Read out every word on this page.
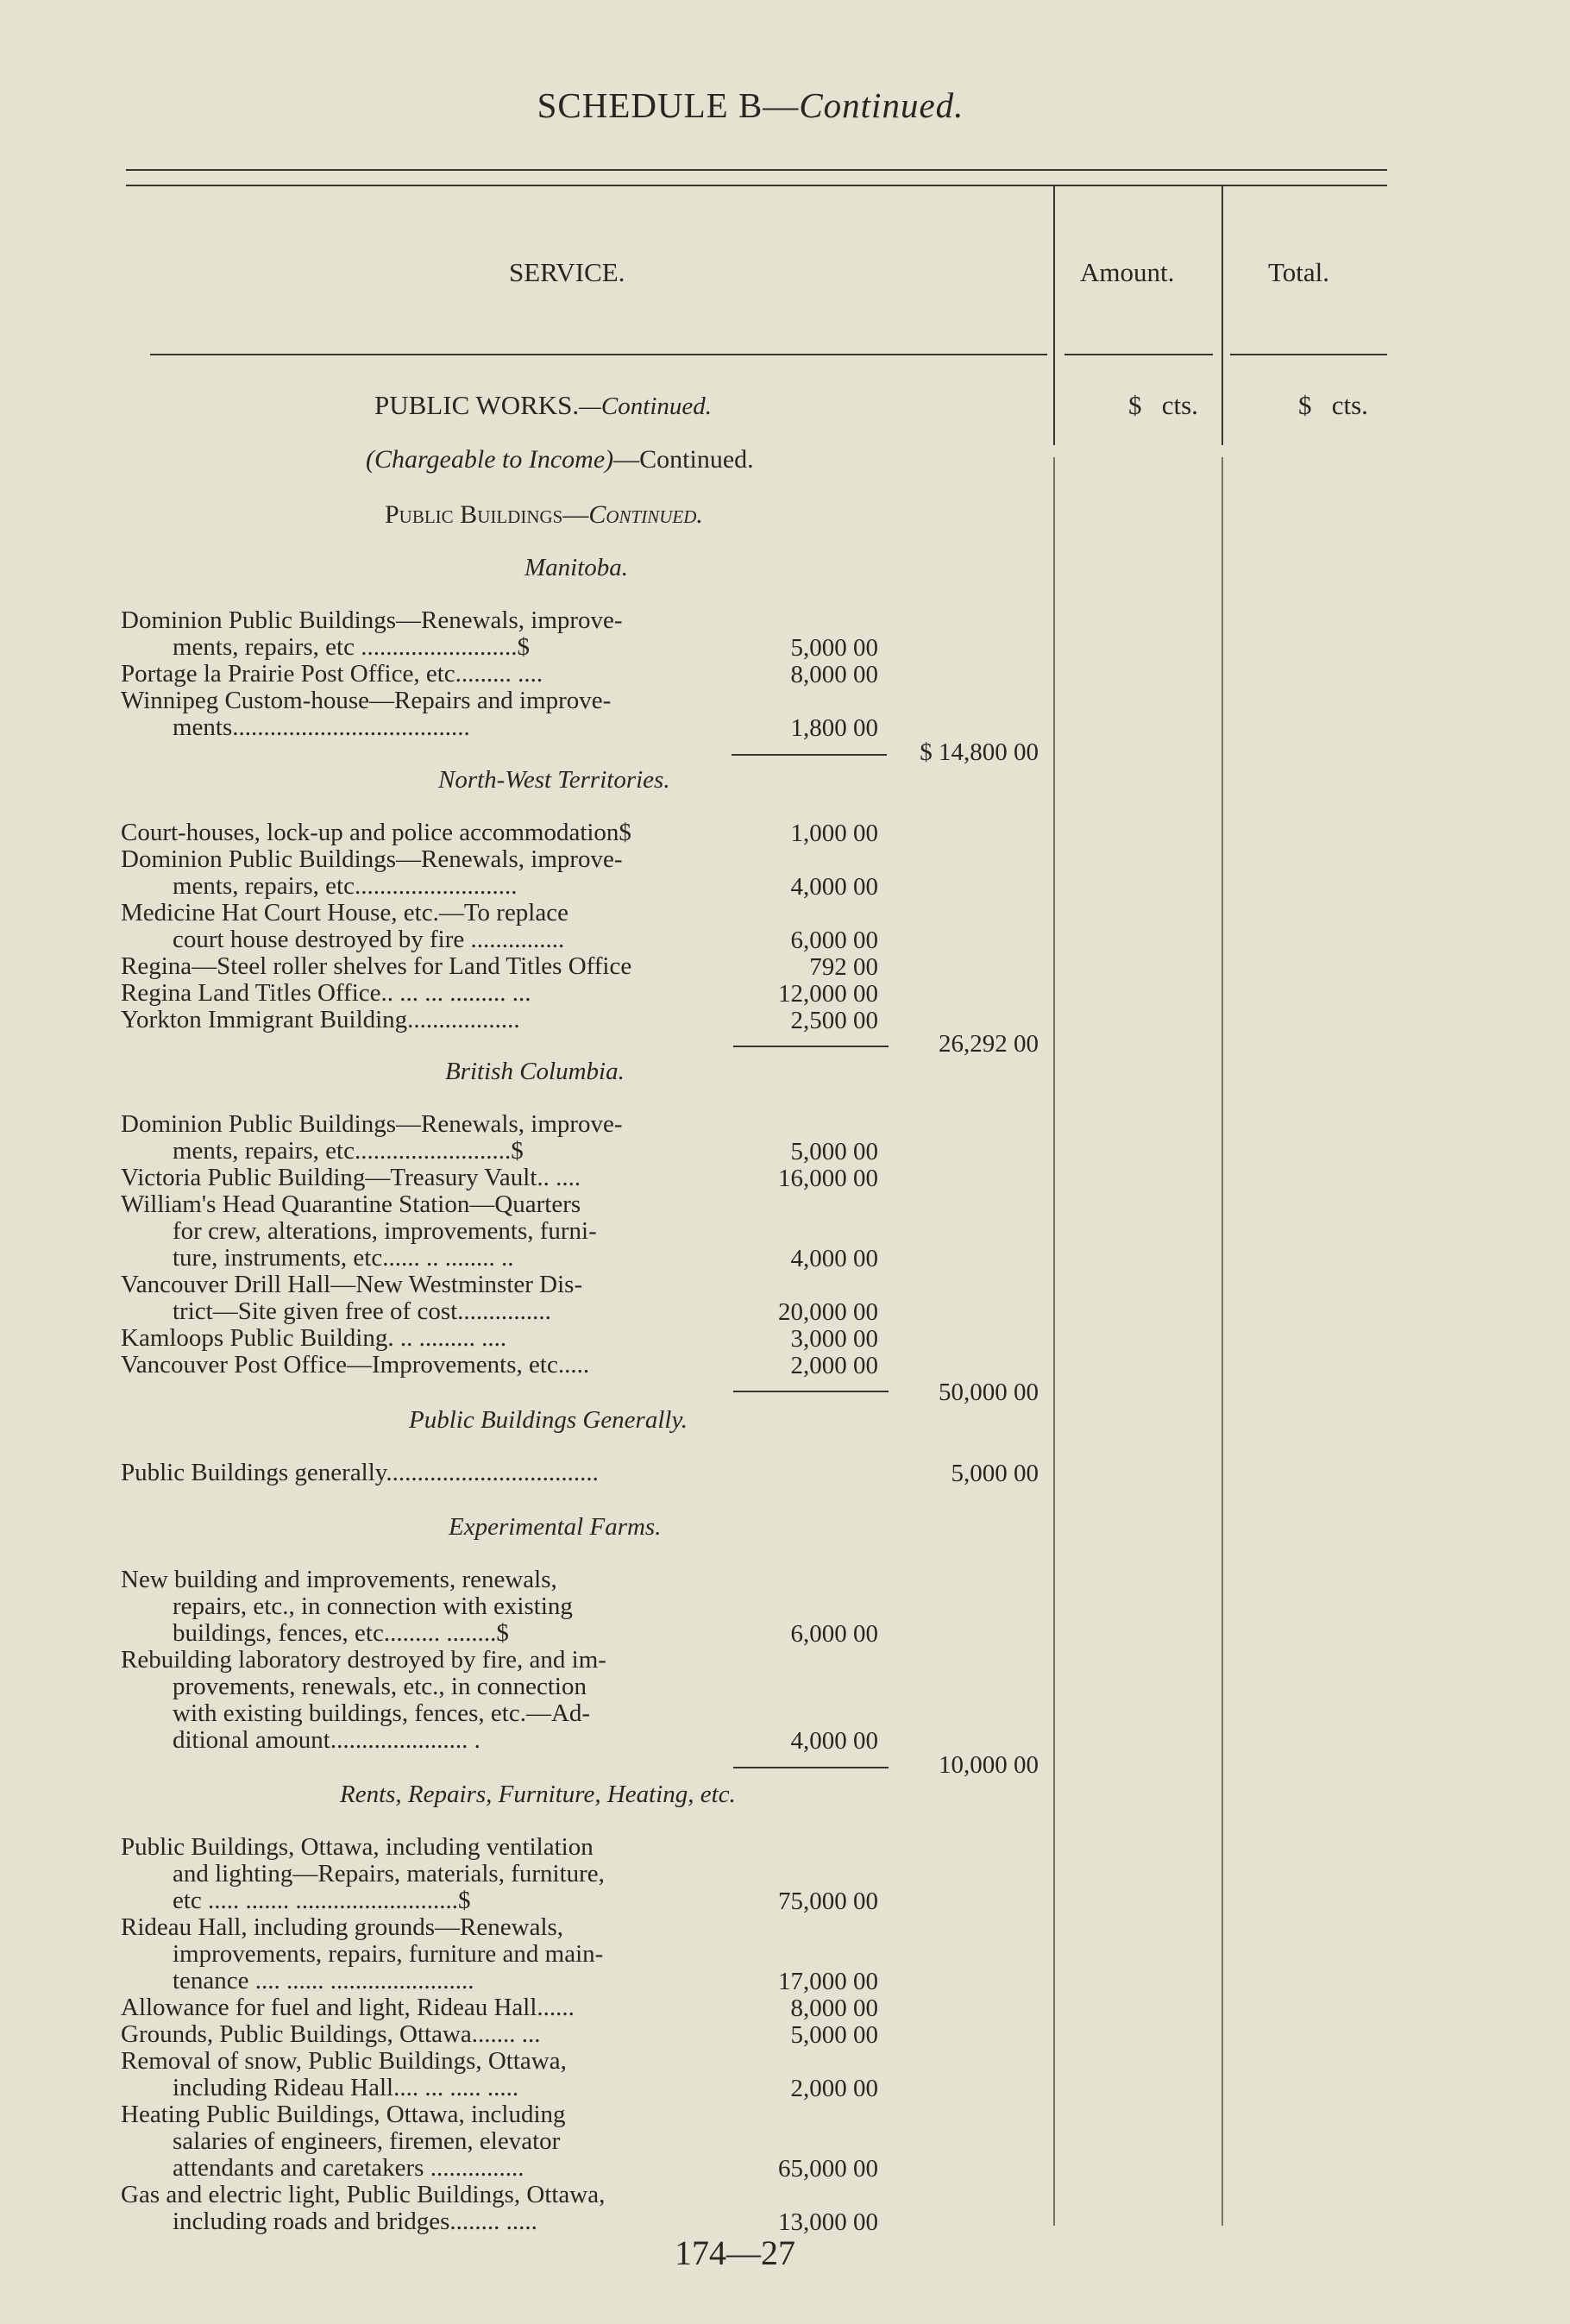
SCHEDULE B—Continued.
SERVICE.	Amount.	Total.
$   cts.	$   cts.
PUBLIC WORKS.—Continued.
(Chargeable to Income)—Continued.
Public Buildings—Continued.
Manitoba.
Dominion Public Buildings—Renewals, improve-
ments, repairs, etc .........................$	5,000 00
Portage la Prairie Post Office, etc......... ....	8,000 00
Winnipeg Custom-house—Repairs and improve-
ments......................................	1,800 00
$ 14,800 00
North-West Territories.
Court-houses, lock-up and police accommodation$	1,000 00
Dominion Public Buildings—Renewals, improve-
ments, repairs, etc..........................	4,000 00
Medicine Hat Court House, etc.—To replace
court house destroyed by fire ...............	6,000 00
Regina—Steel roller shelves for Land Titles Office	792 00
Regina Land Titles Office.. ... ... ......... ...	12,000 00
Yorkton Immigrant Building..................	2,500 00
26,292 00
British Columbia.
Dominion Public Buildings—Renewals, improve-
ments, repairs, etc.........................$	5,000 00
Victoria Public Building—Treasury Vault.. ....	16,000 00
William's Head Quarantine Station—Quarters
for crew, alterations, improvements, furni-
ture, instruments, etc...... .. ........ ..	4,000 00
Vancouver Drill Hall—New Westminster Dis-
trict—Site given free of cost...............	20,000 00
Kamloops Public Building. .. ......... ....	3,000 00
Vancouver Post Office—Improvements, etc.....	2,000 00
50,000 00
Public Buildings Generally.
Public Buildings generally..................................	5,000 00
Experimental Farms.
New building and improvements, renewals,
repairs, etc., in connection with existing
buildings, fences, etc......... ........$	6,000 00
Rebuilding laboratory destroyed by fire, and im-
provements, renewals, etc., in connection
with existing buildings, fences, etc.—Ad-
ditional amount...................... .	4,000 00
10,000 00
Rents, Repairs, Furniture, Heating, etc.
Public Buildings, Ottawa, including ventilation
and lighting—Repairs, materials, furniture,
etc ..... ....... ..........................$	75,000 00
Rideau Hall, including grounds—Renewals,
improvements, repairs, furniture and main-
tenance .... ...... .......................	17,000 00
Allowance for fuel and light, Rideau Hall......	8,000 00
Grounds, Public Buildings, Ottawa....... ...	5,000 00
Removal of snow, Public Buildings, Ottawa,
including Rideau Hall.... ... ..... .....	2,000 00
Heating Public Buildings, Ottawa, including
salaries of engineers, firemen, elevator
attendants and caretakers ...............	65,000 00
Gas and electric light, Public Buildings, Ottawa,
including roads and bridges........ .....	13,000 00
174—27
